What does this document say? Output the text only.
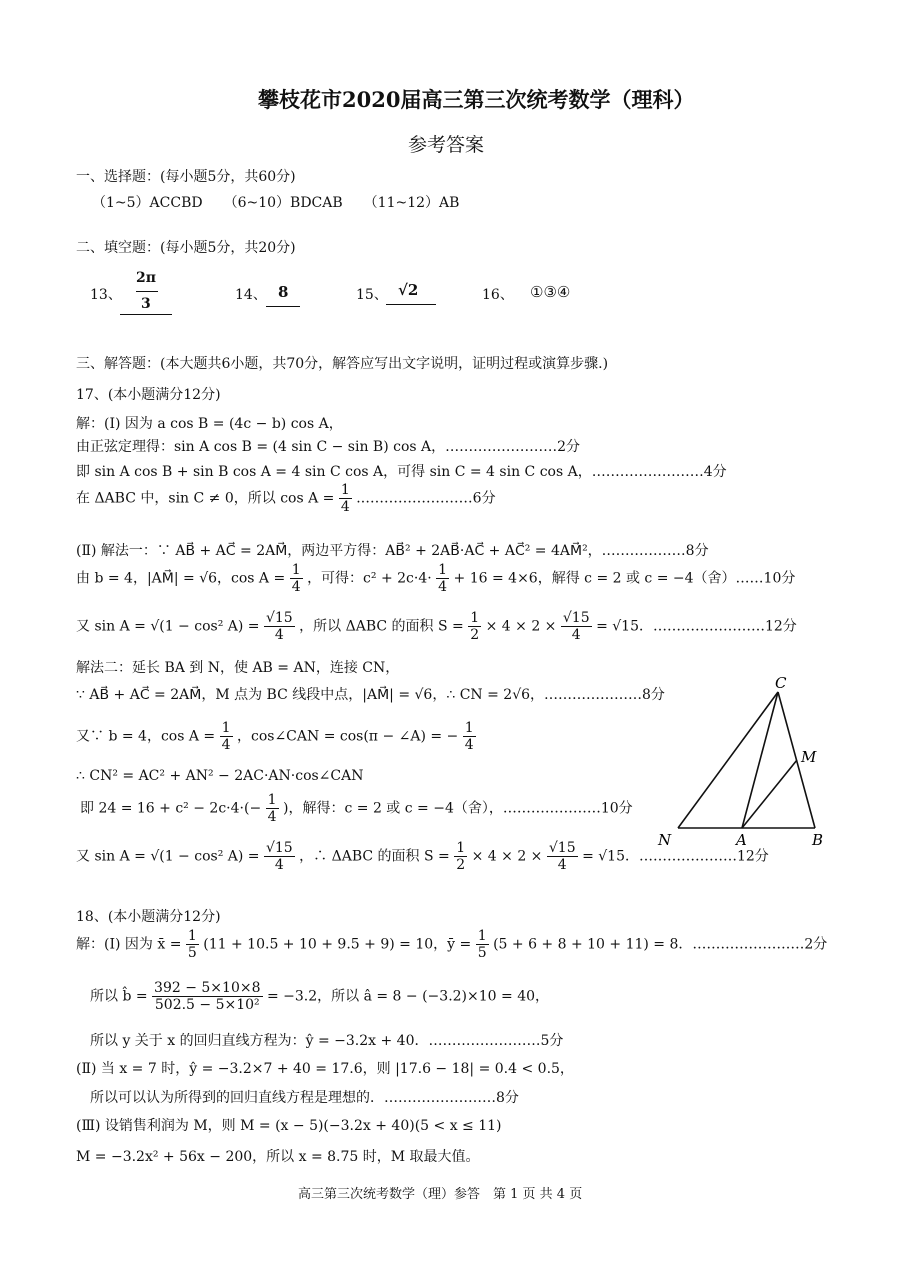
攀枝花市2020届高三第三次统考数学（理科）
参考答案
一、选择题：(每小题5分，共60分)
（1~5）ACCBD　　（6~10）BDCAB　　（11~12）AB
二、填空题：(每小题5分，共20分)
13、
2π
3
14、 8	15、 √2	16、 ①③④
三、解答题：(本大题共6小题，共70分，解答应写出文字说明，证明过程或演算步骤.)
17、(本小题满分12分)
解：(Ⅰ) 因为 a cos B = (4c − b) cos A，
由正弦定理得：sin A cos B = (4 sin C − sin B) cos A，……………………2分
即 sin A cos B + sin B cos A = 4 sin C cos A，可得 sin C = 4 sin C cos A，……………………4分
在 ΔABC 中，sin C ≠ 0，所以 $\cos A = \frac{1}{4}$ .……………………6分
(Ⅱ) 解法一：∵ AB⃗ + AC⃗ = 2AM⃗，两边平方得：AB⃗² + 2AB⃗·AC⃗ + AC⃗² = 4AM⃗²，………………8分
由 b = 4，|AM⃗| = √6，$\cos A = \frac{1}{4}$ ，可得：$c^2 + 2c\cdot 4\cdot \frac{1}{4} + 16 = 4\times 6$，解得 c = 2 或 c = −4（舍）……10分
又 sin A = √(1 − cos² $A) = \frac{√15}{4}$ ，所以 ΔABC 的面积 $S = \frac{1}{2} \times 4 \times 2 \times \frac{√15}{4} = √15$．……………………12分
解法二：延长 BA 到 N，使 AB = AN，连接 CN，
∵ AB⃗ + AC⃗ = 2AM⃗，M 点为 BC 线段中点，|AM⃗| = √6，∴ CN = 2√6，…………………8分
又∵ b = 4，$\cos A = \frac{1}{4}$ ，cos∠CAN = cos(π − ∠A) = − $\frac{1}{4}$
∴ CN² = AC² + AN² − 2AC·AN·cos∠CAN
即 $24 = 16 + c^2 - 2c\cdot 4\cdot(- \frac{1}{4}$ )，解得：c = 2 或 c = −4（舍），…………………10分
又 sin A = √(1 − cos² $A) = \frac{√15}{4}$ ，∴ ΔABC 的面积 $S = \frac{1}{2} \times 4 \times 2 \times \frac{√15}{4} = √15$．…………………12分
C
M
N	A	B
18、(本小题满分12分)
解：(Ⅰ) 因为 x̄ = $\frac{1}{5} (11 + 10.5 + 10 + 9.5 + 9) = 10$，ȳ = $\frac{1}{5} (5 + 6 + 8 + 10 + 11) = 8$．……………………2分
所以 b̂ = $\frac{392 - 5\times 10\times 8}{\text{502.5 − 5×10²}} = -3.2$，所以 â = 8 − (−3.2)×10 = 40，
所以 y 关于 x 的回归直线方程为：ŷ = −3.2x + 40．……………………5分
(Ⅱ) 当 x = 7 时，ŷ = −3.2×7 + 40 = 17.6，则 |17.6 − 18| = 0.4 < 0.5，
所以可以认为所得到的回归直线方程是理想的．……………………8分
(Ⅲ) 设销售利润为 M，则 M = (x − 5)(−3.2x + 40)(5 < x ≤ 11)
M = −3.2x² + 56x − 200，所以 x = 8.75 时，M 取最大值。
高三第三次统考数学（理）参答　第 1 页 共 4 页
